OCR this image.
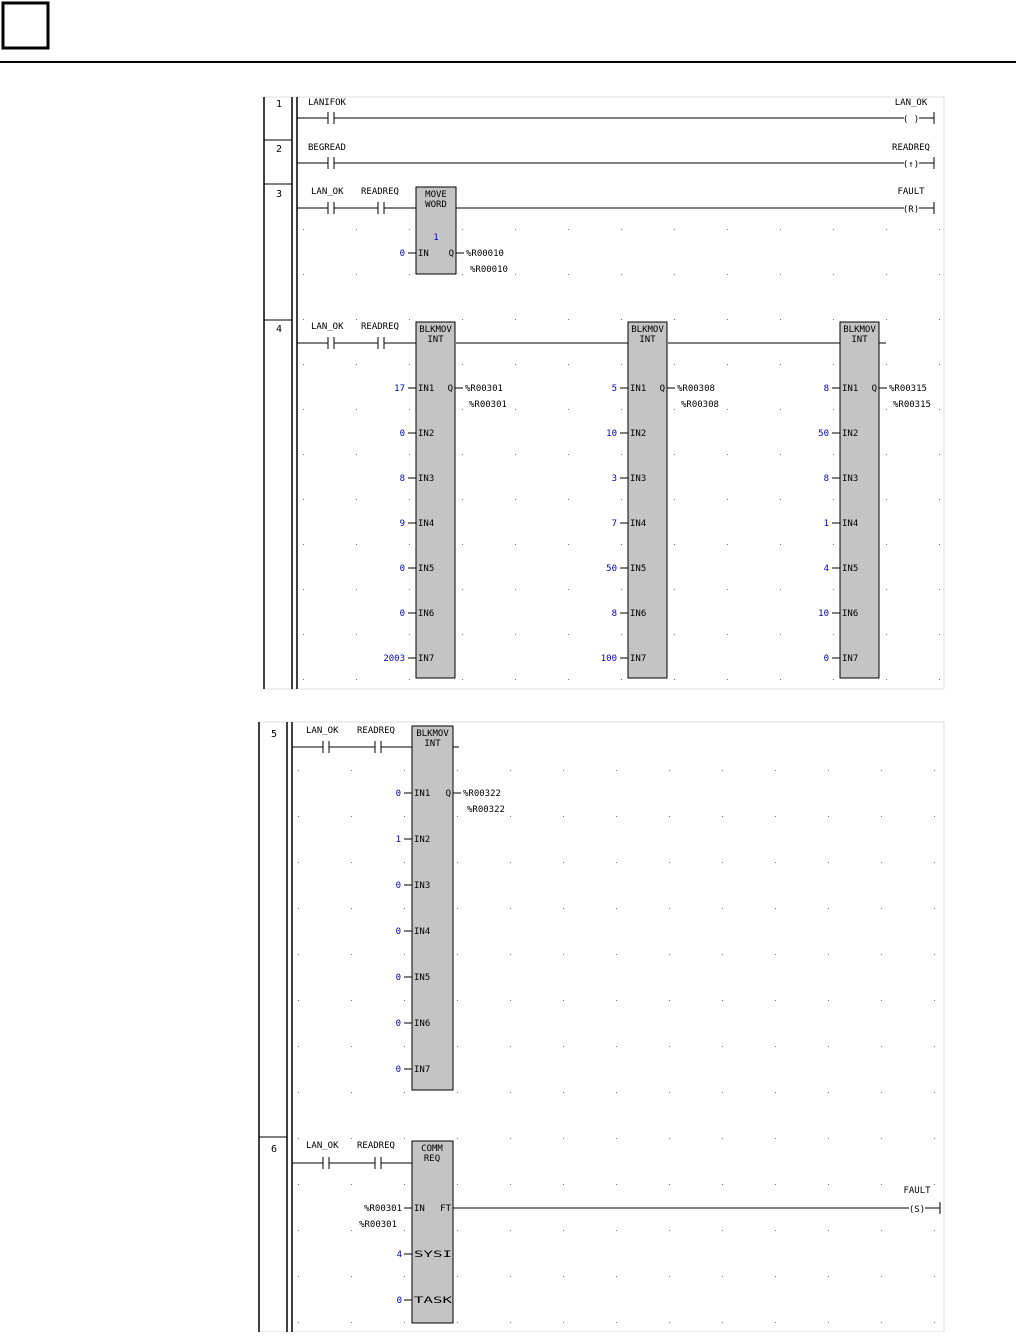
1	LANIFOK	LAN_OK
( )
2	BEGREAD	READREQ
(↑)
3	LAN_OK READREQ	MOVE
WORD
1
0 IN Q %R00010
%R00010
FAULT
(R)
4	LAN_OK READREQ BLKMOV
INT
17 IN1
0 IN2
8 IN3
9 IN4
0 IN5
0 IN6
2003 IN7
Q %R00301
%R00301
BLKMOV
INT
5 IN1
10 IN2
3 IN3
7 IN4
50 IN5
8 IN6
100 IN7
Q %R00308
%R00308
BLKMOV
INT
8 IN1
50 IN2
8 IN3
1 IN4
4 IN5
10 IN6
0 IN7
Q %R00315
%R00315
5	LAN_OK READREQ BLKMOV
INT
0 IN1
1 IN2
0 IN3
0 IN4
0 IN5
0 IN6
0 IN7
Q %R00322
%R00322
6	LAN_OK READREQ	COMM
REQ
%R00301 IN
%R00301
4 SYSI
0 TASK
FT
FAULT
(S)
